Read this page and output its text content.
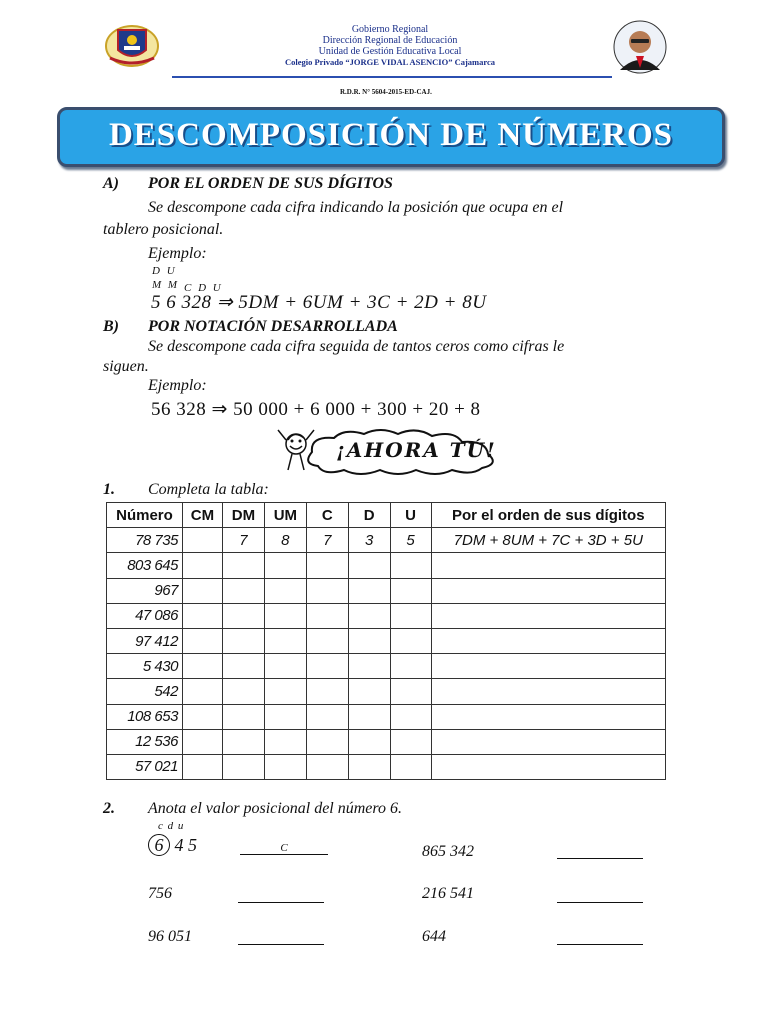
Gobierno Regional
Dirección Regional de Educación
Unidad de Gestión Educativa Local
Colegio Privado “JORGE VIDAL ASENCIO” Cajamarca
R.D.R. N° 5604-2015-ED-CAJ.
DESCOMPOSICIÓN DE NÚMEROS
A) POR EL ORDEN DE SUS DÍGITOS
Se descompone cada cifra indicando la posición que ocupa en el
tablero posicional.
Ejemplo:
D U
M M C D U
5 6 328 ⇒ 5DM + 6UM + 3C + 2D + 8U
B) POR NOTACIÓN DESARROLLADA
Se descompone cada cifra seguida de tantos ceros como cifras le
siguen.
Ejemplo:
56 328 ⇒ 50 000 + 6 000 + 300 + 20 + 8
¡AHORA TÚ!
1. Completa la tabla:
Número	CM	DM	UM	C	D	U	Por el orden de sus dígitos
78 735		7	8	7	3	5	7DM + 8UM + 7C + 3D + 5U
803 645							
967							
47 086							
97 412							
5 430							
542							
108 653							
12 536							
57 021							
2. Anota el valor posicional del número 6.
c d u
6 4 5	C	865 342
756	216 541
96 051	644
